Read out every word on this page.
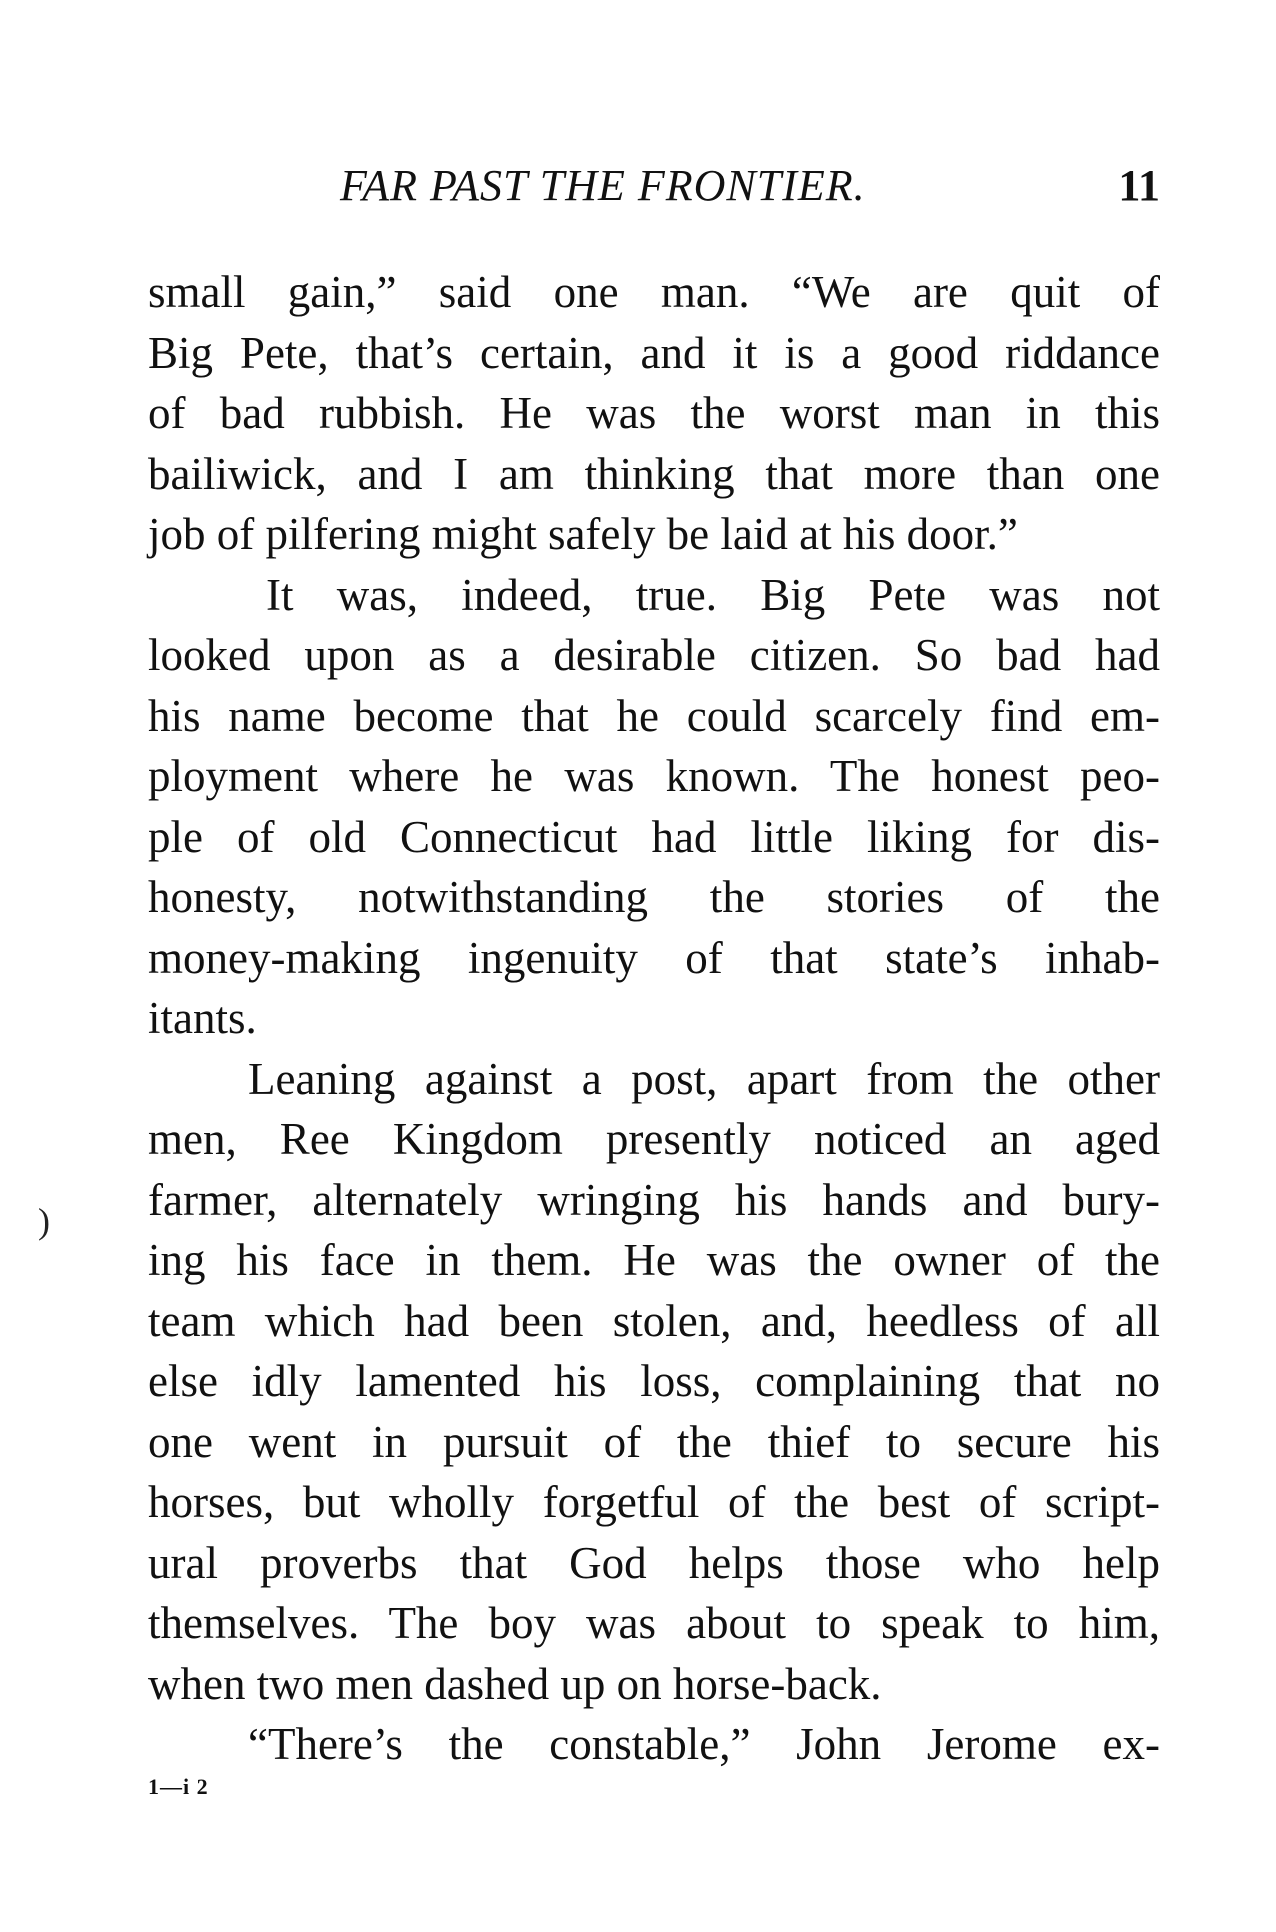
FAR PAST THE FRONTIER.	11
small gain,” said one man. “We are quit of
Big Pete, that’s certain, and it is a good riddance
of bad rubbish. He was the worst man in this
bailiwick, and I am thinking that more than one
job of pilfering might safely be laid at his door.”
It was, indeed, true. Big Pete was not
looked upon as a desirable citizen. So bad had
his name become that he could scarcely find em-
ployment where he was known. The honest peo-
ple of old Connecticut had little liking for dis-
honesty, notwithstanding the stories of the
money-making ingenuity of that state’s inhab-
itants.
Leaning against a post, apart from the other
men, Ree Kingdom presently noticed an aged
farmer, alternately wringing his hands and bury-
ing his face in them. He was the owner of the
team which had been stolen, and, heedless of all
else idly lamented his loss, complaining that no
one went in pursuit of the thief to secure his
horses, but wholly forgetful of the best of script-
ural proverbs that God helps those who help
themselves. The boy was about to speak to him,
when two men dashed up on horse-back.
“There’s the constable,” John Jerome ex-
1—i 2
)
